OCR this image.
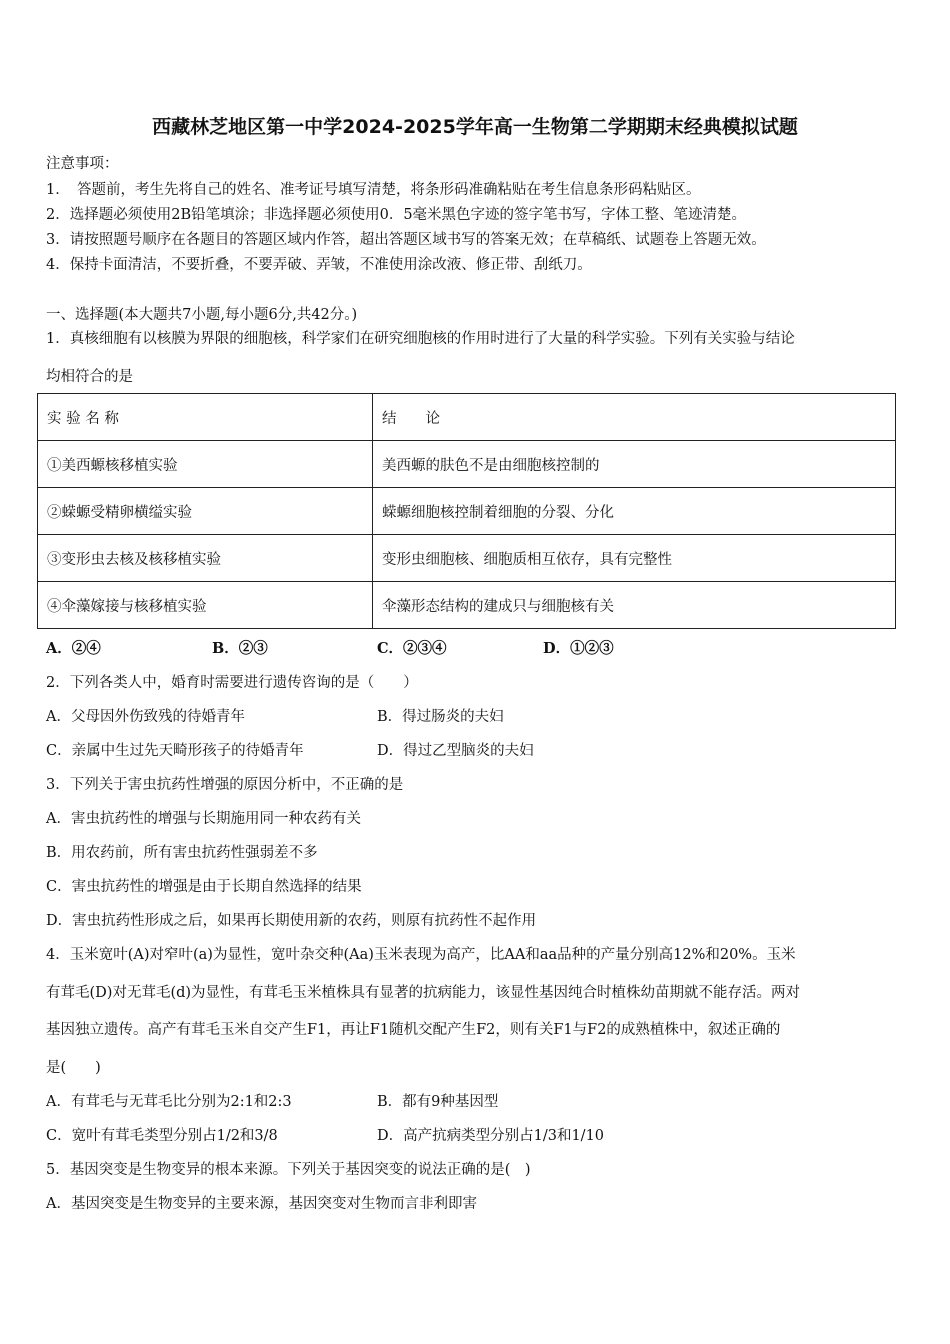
西藏林芝地区第一中学2024-2025学年高一生物第二学期期末经典模拟试题
注意事项：
1．　答题前，考生先将自己的姓名、准考证号填写清楚，将条形码准确粘贴在考生信息条形码粘贴区。
2．选择题必须使用2B铅笔填涂；非选择题必须使用0．5毫米黑色字迹的签字笔书写，字体工整、笔迹清楚。
3．请按照题号顺序在各题目的答题区域内作答，超出答题区域书写的答案无效；在草稿纸、试题卷上答题无效。
4．保持卡面清洁，不要折叠，不要弄破、弄皱，不准使用涂改液、修正带、刮纸刀。
一、选择题(本大题共7小题,每小题6分,共42分。)
1．真核细胞有以核膜为界限的细胞核，科学家们在研究细胞核的作用时进行了大量的科学实验。下列有关实验与结论
均相符合的是
实 验 名 称	结　　论
①美西螈核移植实验	美西螈的肤色不是由细胞核控制的
②蝾螈受精卵横缢实验	蝾螈细胞核控制着细胞的分裂、分化
③变形虫去核及核移植实验	变形虫细胞核、细胞质相互依存，具有完整性
④伞藻嫁接与核移植实验	伞藻形态结构的建成只与细胞核有关
A．②④	B．②③	C．②③④	D．①②③
2．下列各类人中，婚育时需要进行遗传咨询的是（　　）
A．父母因外伤致残的待婚青年	B．得过肠炎的夫妇
C．亲属中生过先天畸形孩子的待婚青年	D．得过乙型脑炎的夫妇
3．下列关于害虫抗药性增强的原因分析中，不正确的是
A．害虫抗药性的增强与长期施用同一种农药有关
B．用农药前，所有害虫抗药性强弱差不多
C．害虫抗药性的增强是由于长期自然选择的结果
D．害虫抗药性形成之后，如果再长期使用新的农药，则原有抗药性不起作用
4．玉米宽叶(A)对窄叶(a)为显性，宽叶杂交种(Aa)玉米表现为高产，比AA和aa品种的产量分别高12%和20%。玉米
有茸毛(D)对无茸毛(d)为显性，有茸毛玉米植株具有显著的抗病能力，该显性基因纯合时植株幼苗期就不能存活。两对
基因独立遗传。高产有茸毛玉米自交产生F1，再让F1随机交配产生F2，则有关F1与F2的成熟植株中，叙述正确的
是(　　)
A．有茸毛与无茸毛比分别为2:1和2:3	B．都有9种基因型
C．宽叶有茸毛类型分别占1/2和3/8	D．高产抗病类型分别占1/3和1/10
5．基因突变是生物变异的根本来源。下列关于基因突变的说法正确的是(　)
A．基因突变是生物变异的主要来源，基因突变对生物而言非利即害
